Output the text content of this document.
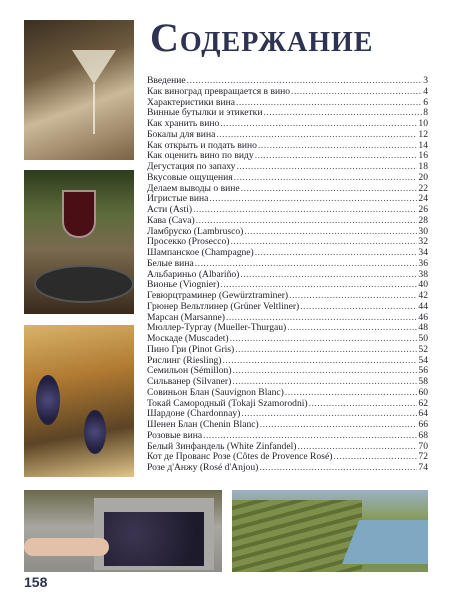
Содержание
Введение .....	3
Как виноград превращается в вино .....	4
Характеристики вина .....	6
Винные бутылки и этикетки .....	8
Как хранить вино .....	10
Бокалы для вина .....	12
Как открыть и подать вино .....	14
Как оценить вино по виду .....	16
Дегустация по запаху .....	18
Вкусовые ощущения .....	20
Делаем выводы о вине .....	22
Игристые вина .....	24
Асти (Asti) .....	26
Кава (Cava) .....	28
Ламбруско (Lambrusco) .....	30
Просекко (Prosecco) .....	32
Шампанское (Champagne) .....	34
Белые вина .....	36
Альбариньо (Albariño) .....	38
Вионье (Viognier) .....	40
Гевюрцтраминер (Gewürztraminer) .....	42
Грюнер Вельтлинер (Grüner Veltliner) .....	44
Марсан (Marsanne) .....	46
Мюллер-Тургау (Mueller-Thurgau) .....	48
Москаде (Muscadet) .....	50
Пино Гри (Pinot Gris) .....	52
Рислинг (Riesling) .....	54
Семильон (Sémillon) .....	56
Сильванер (Silvaner) .....	58
Совиньон Блан (Sauvignon Blanc) .....	60
Токай Самородный (Tokaji Szamorodni) .....	62
Шардоне (Chardonnay) .....	64
Шенен Блан (Chenin Blanc) .....	66
Розовые вина .....	68
Белый Зинфандель (White Zinfandel) .....	70
Кот де Прованс Розе (Côtes de Provence Rosé) .....	72
Розе д'Анжу (Rosé d'Anjou) .....	74
158
